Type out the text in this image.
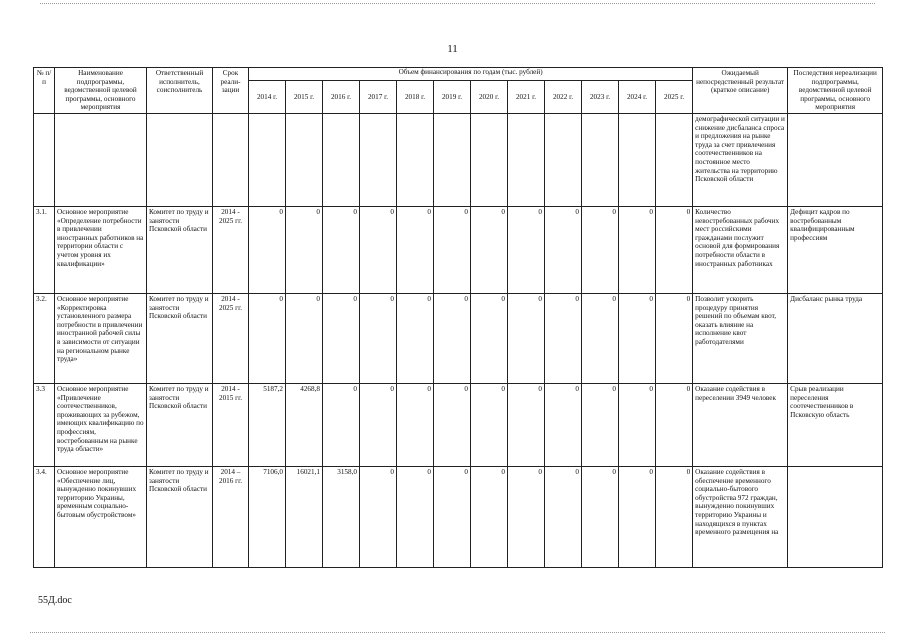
11
№ п/п	Наименование подпрограммы, ведомственной целевой программы, основного мероприятия	Ответственный исполнитель, соисполнитель	Срок реали-зации	Объем финансирования по годам (тыс. рублей)												Ожидаемый непосредственный результат (краткое описание)	Последствия нереализации подпрограммы, ведомственной целевой программы, основного мероприятия
				2014 г.	2015 г.	2016 г.	2017 г.	2018 г.	2019 г.	2020 г.	2021 г.	2022 г.	2023 г.	2024 г.	2025 г.		
																демографической ситуации и снижение дисбаланса спроса и предложения на рынке труда за счет привлечения соотечественников на постоянное место жительства на территорию Псковской области	
3.1.	Основное мероприятие «Определение потребности в привлечении иностранных работников на территории области с учетом уровня их квалификации»	Комитет по труду и занятости Псковской области	2014 - 2025 гг.	0	0	0	0	0	0	0	0	0	0	0	0	Количество невостребованных рабочих мест российскими гражданами послужит основой для формирования потребности области в иностранных работниках	Дефицит кадров по востребованным квалифицированным профессиям
3.2.	Основное мероприятие «Корректировка установленного размера потребности в привлечении иностранной рабочей силы в зависимости от ситуации на региональном рынке труда»	Комитет по труду и занятости Псковской области	2014 - 2025 гг.	0	0	0	0	0	0	0	0	0	0	0	0	Позволит ускорить процедуру принятия решений по объемам квот, оказать влияние на исполнение квот работодателями	Дисбаланс рынка труда
3.3	Основное мероприятие «Привлечение соотечественников, проживающих за рубежом, имеющих квалификацию по профессиям, востребованным на рынке труда области»	Комитет по труду и занятости Псковской области	2014 - 2015 гг.	5187,2	4268,8	0	0	0	0	0	0	0	0	0	0	Оказание содействия в переселении 3949 человек	Срыв реализации переселения соотечественников в Псковскую область
3.4.	Основное мероприятие «Обеспечение лиц, вынужденно покинувших территорию Украины, временным социально-бытовым обустройством»	Комитет по труду и занятости Псковской области	2014 – 2016 гг.	7106,0	16021,1	3158,0	0	0	0	0	0	0	0	0	0	Оказание содействия в обеспечение временного социально-бытового обустройства 972 граждан, вынужденно покинувших территорию Украины и находящихся в пунктах временного размещения на	

55Д.doc
